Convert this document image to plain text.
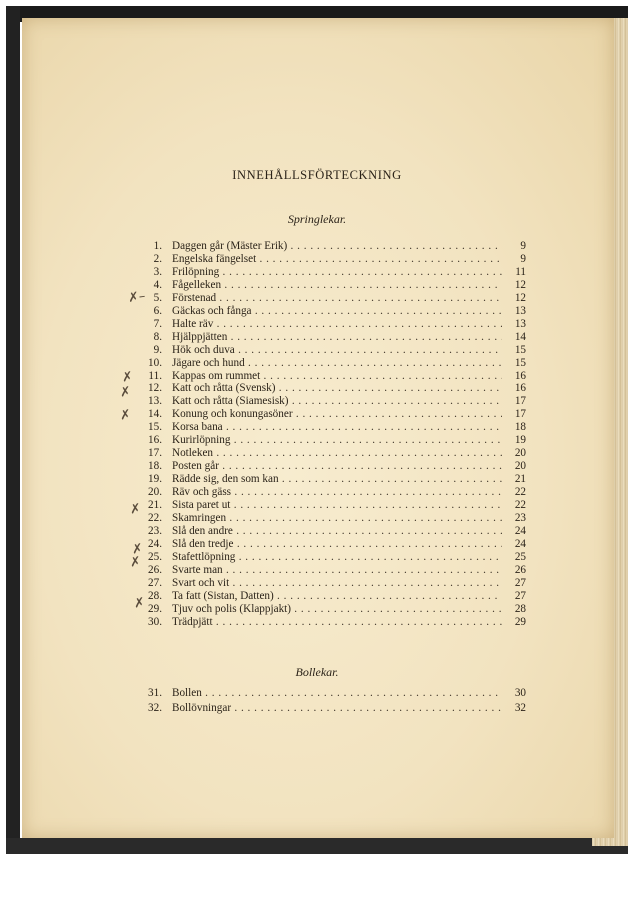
INNEHÅLLSFÖRTECKNING
Springlekar.
Bollekar.
1. Daggen går (Mäster Erik) . . .	9
2. Engelska fängelset . . .	9
3. Frilöpning . . .	11
4. Fågelleken . . .	12
5. Förstenad . . .	12
6. Gäckas och fånga . . .	13
7. Halte räv . . .	13
8. Hjälppjätten . . .	14
9. Hök och duva . . .	15
10. Jägare och hund . . .	15
11. Kappas om rummet . . .	16
12. Katt och råtta (Svensk) . . .	16
13. Katt och råtta (Siamesisk) . . .	17
14. Konung och konungasöner . . .	17
15. Korsa bana . . .	18
16. Kurirlöpning . . .	19
17. Notleken . . .	20
18. Posten går . . .	20
19. Rädde sig, den som kan . . .	21
20. Räv och gäss . . .	22
21. Sista paret ut . . .	22
22. Skamringen . . .	23
23. Slå den andre . . .	24
24. Slå den tredje . . .	24
25. Stafettlöpning . . .	25
26. Svarte man . . .	26
27. Svart och vit . . .	27
28. Ta fatt (Sistan, Datten) . . .	27
29. Tjuv och polis (Klappjakt) . . .	28
30. Trädpjätt . . .	29
31. Bollen . . .	30
32. Bollövningar . . .	32
✗–
✗
✗
✗
✗
✗
✗
✗
